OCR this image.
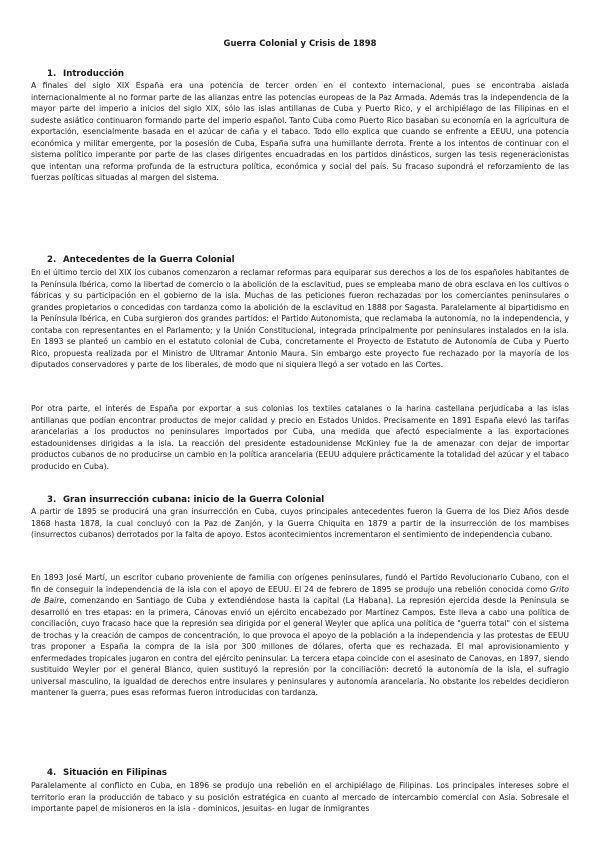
Guerra Colonial y Crisis de 1898
1. Introducción

A finales del siglo XIX España era una potencia de tercer orden en el contexto internacional, pues se encontraba aislada internacionalmente al no formar parte de las alianzas entre las potencias europeas de la Paz Armada. Además tras la independencia de la mayor parte del imperio a inicios del siglo XIX, sólo las islas antillanas de Cuba y Puerto Rico, y el archipiélago de las Filipinas en el sudeste asiático continuaron formando parte del imperio español. Tanto Cuba como Puerto Rico basaban su economía en la agricultura de exportación, esencialmente basada en el azúcar de caña y el tabaco. Todo ello explica que cuando se enfrente a EEUU, una potencia económica y militar emergente, por la posesión de Cuba, España sufra una humillante derrota. Frente a los intentos de continuar con el sistema político imperante por parte de las clases dirigentes encuadradas en los partidos dinásticos, surgen las tesis regeneracionistas que intentan una reforma profunda de la estructura política, económica y social del país. Su fracaso supondrá el reforzamiento de las fuerzas políticas situadas al margen del sistema.

2. Antecedentes de la Guerra Colonial

En el último tercio del XIX los cubanos comenzaron a reclamar reformas para equiparar sus derechos a los de los españoles habitantes de la Península Ibérica, como la libertad de comercio o la abolición de la esclavitud, pues se empleaba mano de obra esclava en los cultivos o fábricas y su participación en el gobierno de la isla. Muchas de las peticiones fueron rechazadas por los comerciantes peninsulares o grandes propietarios o concedidas con tardanza como la abolición de la esclavitud en 1888 por Sagasta. Paralelamente al bipartidismo en la Península Ibérica, en Cuba surgieron dos grandes partidos: el Partido Autonomista, que reclamaba la autonomía, no la independencia, y contaba con representantes en el Parlamento; y la Unión Constitucional, integrada principalmente por peninsulares instalados en la isla. En 1893 se planteó un cambio en el estatuto colonial de Cuba, concretamente el Proyecto de Estatuto de Autonomía de Cuba y Puerto Rico, propuesta realizada por el Ministro de Ultramar Antonio Maura. Sin embargo este proyecto fue rechazado por la mayoría de los diputados conservadores y parte de los liberales, de modo que ni siquiera llegó a ser votado en las Cortes.

Por otra parte, el interés de España por exportar a sus colonias los textiles catalanes o la harina castellana perjudicaba a las islas antillanas que podían encontrar productos de mejor calidad y precio en Estados Unidos. Precisamente en 1891 España elevó las tarifas arancelarias a los productos no peninsulares importados por Cuba, una medida que afectó especialmente a las exportaciones estadounidenses dirigidas a la isla. La reacción del presidente estadounidense McKinley fue la de amenazar con dejar de importar productos cubanos de no producirse un cambio en la política arancelaria (EEUU adquiere prácticamente la totalidad del azúcar y el tabaco producido en Cuba).

3. Gran insurrección cubana: inicio de la Guerra Colonial

A partir de 1895 se producirá una gran insurrección en Cuba, cuyos principales antecedentes fueron la Guerra de los Diez Años desde 1868 hasta 1878, la cual concluyó con la Paz de Zanjón, y la Guerra Chiquita en 1879 a partir de la insurrección de los mambises (insurrectos cubanos) derrotados por la falta de apoyo. Estos acontecimientos incrementaron el sentimiento de independencia cubano.

En 1893 José Martí, un escritor cubano proveniente de familia con orígenes peninsulares, fundó el Partido Revolucionario Cubano, con el fin de conseguir la independencia de la isla con el apoyo de EEUU. El 24 de febrero de 1895 se produjo una rebelión conocida como Grito de Baire, comenzando en Santiago de Cuba y extendiéndose hasta la capital (La Habana). La represión ejercida desde la Península se desarrolló en tres etapas: en la primera, Cánovas envió un ejército encabezado por Martínez Campos. Este lleva a cabo una política de conciliación, cuyo fracaso hace que la represión sea dirigida por el general Weyler que aplica una política de "guerra total" con el sistema de trochas y la creación de campos de concentración, lo que provoca el apoyo de la población a la independencia y las protestas de EEUU tras proponer a España la compra de la isla por 300 millones de dólares, oferta que es rechazada. El mal aprovisionamiento y enfermedades tropicales jugaron en contra del ejército peninsular. La tercera etapa coincide con el asesinato de Canovas, en 1897, siendo sustituido Weyler por el general Blanco, quien sustituyó la represión por la conciliación: decretó la autonomía de la isla, el sufragio universal masculino, la igualdad de derechos entre insulares y peninsulares y autonomía arancelaria. No obstante los rebeldes decidieron mantener la guerra, pues esas reformas fueron introducidas con tardanza.

4. Situación en Filipinas

Paralelamente al conflicto en Cuba, en 1896 se produjo una rebelión en el archipiélago de Filipinas. Los principales intereses sobre el territorio eran la producción de tabaco y su posición estratégica en cuanto al mercado de intercambio comercial con Asia. Sobresale el importante papel de misioneros en la isla - dominicos, jesuitas- en lugar de inmigrantes
